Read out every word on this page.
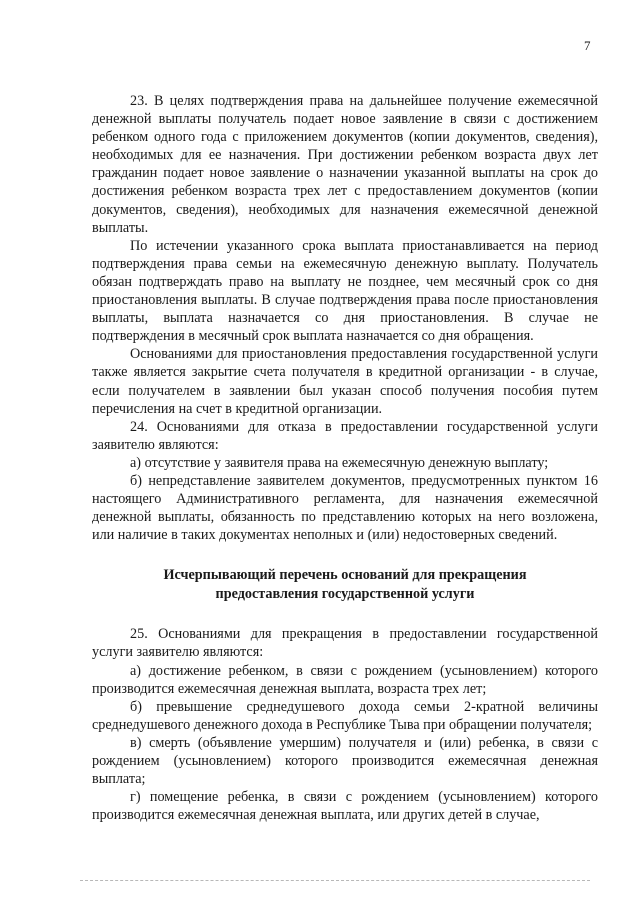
7

23. В целях подтверждения права на дальнейшее получение ежемесячной денежной выплаты получатель подает новое заявление в связи с достижением ребенком одного года с приложением документов (копии документов, сведения), необходимых для ее назначения. При достижении ребенком возраста двух лет гражданин подает новое заявление о назначении указанной выплаты на срок до достижения ребенком возраста трех лет с предоставлением документов (копии документов, сведения), необходимых для назначения ежемесячной денежной выплаты.

По истечении указанного срока выплата приостанавливается на период подтверждения права семьи на ежемесячную денежную выплату. Получатель обязан подтверждать право на выплату не позднее, чем месячный срок со дня приостановления выплаты. В случае подтверждения права после приостановления выплаты, выплата назначается со дня приостановления. В случае не подтверждения в месячный срок выплата назначается со дня обращения.

Основаниями для приостановления предоставления государственной услуги также является закрытие счета получателя в кредитной организации - в случае, если получателем в заявлении был указан способ получения пособия путем перечисления на счет в кредитной организации.

24. Основаниями для отказа в предоставлении государственной услуги заявителю являются:

а) отсутствие у заявителя права на ежемесячную денежную выплату;

б) непредставление заявителем документов, предусмотренных пунктом 16 настоящего Административного регламента, для назначения ежемесячной денежной выплаты, обязанность по представлению которых на него возложена, или наличие в таких документах неполных и (или) недостоверных сведений.

Исчерпывающий перечень оснований для прекращения предоставления государственной услуги

25. Основаниями для прекращения в предоставлении государственной услуги заявителю являются:

а) достижение ребенком, в связи с рождением (усыновлением) которого производится ежемесячная денежная выплата, возраста трех лет;

б) превышение среднедушевого дохода семьи 2-кратной величины среднедушевого денежного дохода в Республике Тыва при обращении получателя;

в) смерть (объявление умершим) получателя и (или) ребенка, в связи с рождением (усыновлением) которого производится ежемесячная денежная выплата;

г) помещение ребенка, в связи с рождением (усыновлением) которого производится ежемесячная денежная выплата, или других детей в случае,
